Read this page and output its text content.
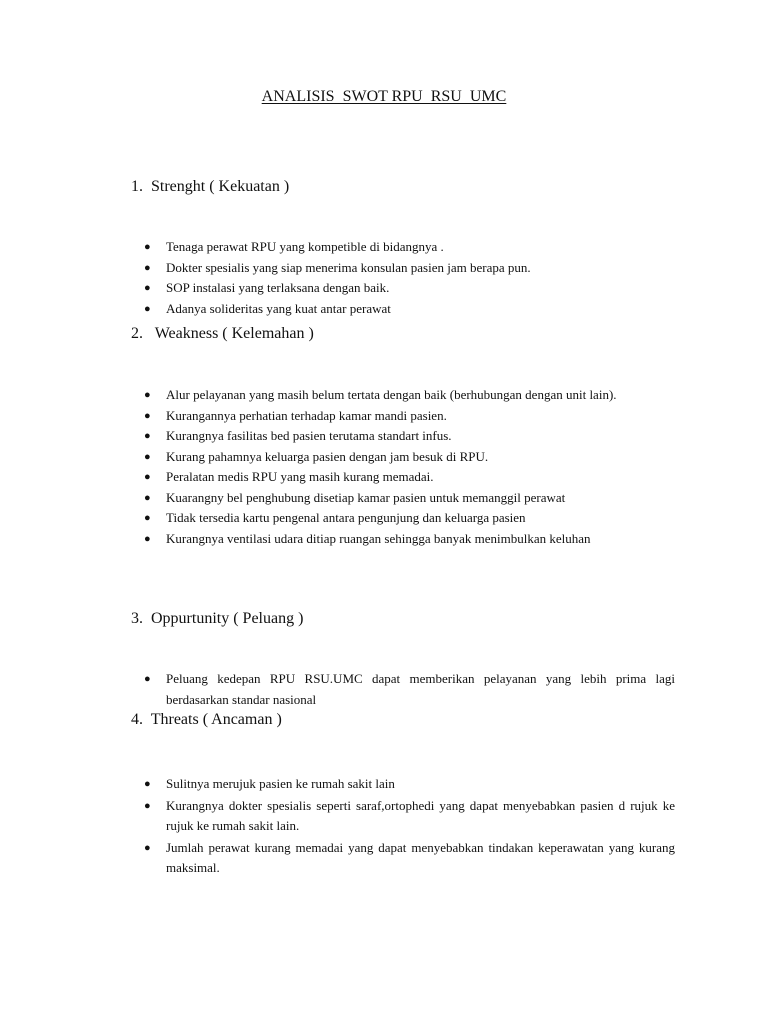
ANALISIS  SWOT RPU  RSU  UMC

1. Strenght ( Kekuatan )

● Tenaga perawat RPU yang kompetible di bidangnya .
● Dokter spesialis yang siap menerima konsulan pasien jam berapa pun.
● SOP instalasi yang terlaksana dengan baik.
● Adanya solideritas yang kuat antar perawat

2. Weakness ( Kelemahan )

● Alur pelayanan yang masih belum tertata dengan baik (berhubungan dengan unit lain).
● Kurangannya perhatian terhadap kamar mandi pasien.
● Kurangnya fasilitas bed pasien terutama standart infus.
● Kurang pahamnya keluarga pasien dengan jam besuk di RPU.
● Peralatan medis RPU yang masih kurang memadai.
● Kuarangny bel penghubung disetiap kamar pasien untuk memanggil perawat
● Tidak tersedia kartu pengenal antara pengunjung dan keluarga pasien
● Kurangnya ventilasi udara ditiap ruangan sehingga banyak menimbulkan keluhan

3. Oppurtunity ( Peluang )

● Peluang kedepan RPU RSU.UMC dapat memberikan pelayanan yang lebih prima lagi berdasarkan standar nasional

4. Threats ( Ancaman )

● Sulitnya merujuk pasien ke rumah sakit lain
● Kurangnya dokter spesialis seperti saraf,ortophedi yang dapat menyebabkan pasien d rujuk ke rujuk ke rumah sakit lain.
● Jumlah perawat kurang memadai yang dapat menyebabkan tindakan keperawatan yang kurang maksimal.
